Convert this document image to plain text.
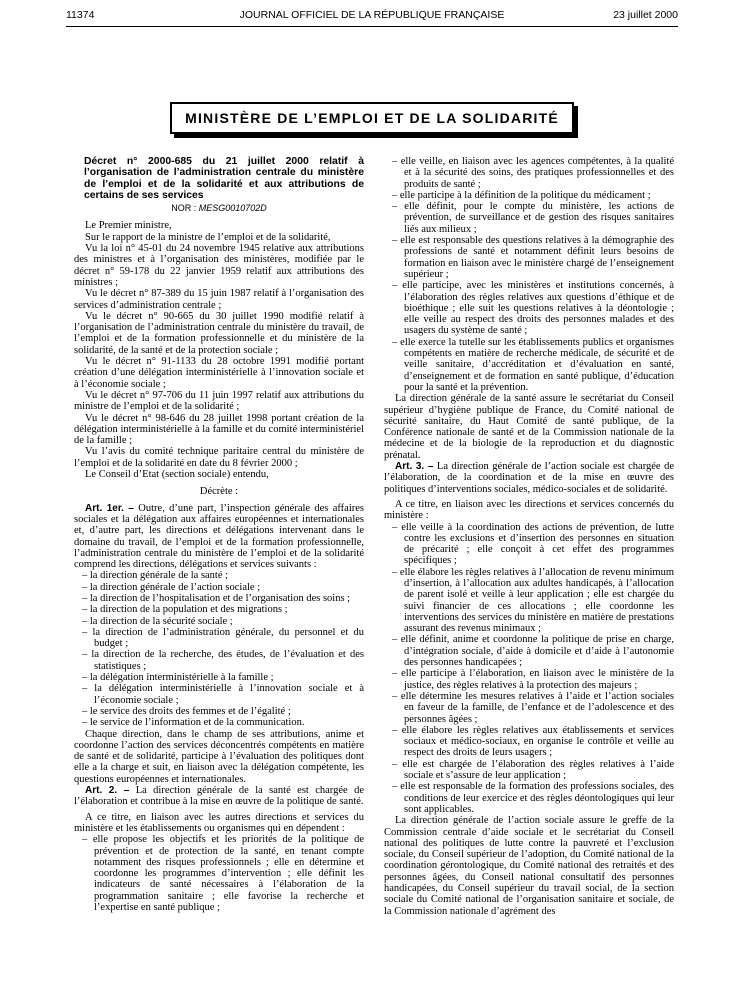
11374	JOURNAL OFFICIEL DE LA RÉPUBLIQUE FRANÇAISE	23 juillet 2000
MINISTÈRE DE L’EMPLOI ET DE LA SOLIDARITÉ

Décret n° 2000-685 du 21 juillet 2000 relatif à l’organisation de l’administration centrale du ministère de l’emploi et de la solidarité et aux attributions de certains de ses services

NOR : MESG0010702D

Le Premier ministre,

Sur le rapport de la ministre de l’emploi et de la solidarité,

Vu la loi n° 45-01 du 24 novembre 1945 relative aux attributions des ministres et à l’organisation des ministères, modifiée par le décret n° 59-178 du 22 janvier 1959 relatif aux attributions des ministres ;

Vu le décret n° 87-389 du 15 juin 1987 relatif à l’organisation des services d’administration centrale ;

Vu le décret n° 90-665 du 30 juillet 1990 modifié relatif à l’organisation de l’administration centrale du ministère du travail, de l’emploi et de la formation professionnelle et du ministère de la solidarité, de la santé et de la protection sociale ;

Vu le décret n° 91-1133 du 28 octobre 1991 modifié portant création d’une délégation interministérielle à l’innovation sociale et à l’économie sociale ;

Vu le décret n° 97-706 du 11 juin 1997 relatif aux attributions du ministre de l’emploi et de la solidarité ;

Vu le décret n° 98-646 du 28 juillet 1998 portant création de la délégation interministérielle à la famille et du comité interministériel de la famille ;

Vu l’avis du comité technique paritaire central du ministère de l’emploi et de la solidarité en date du 8 février 2000 ;

Le Conseil d’Etat (section sociale) entendu,

Décrète :

Art. 1er. – Outre, d’une part, l’inspection générale des affaires sociales et la délégation aux affaires européennes et internationales et, d’autre part, les directions et délégations intervenant dans le domaine du travail, de l’emploi et de la formation professionnelle, l’administration centrale du ministère de l’emploi et de la solidarité comprend les directions, délégations et services suivants :

– la direction générale de la santé ;
– la direction générale de l’action sociale ;
– la direction de l’hospitalisation et de l’organisation des soins ;
– la direction de la population et des migrations ;
– la direction de la sécurité sociale ;
– la direction de l’administration générale, du personnel et du budget ;
– la direction de la recherche, des études, de l’évaluation et des statistiques ;
– la délégation interministérielle à la famille ;
– la délégation interministérielle à l’innovation sociale et à l’économie sociale ;
– le service des droits des femmes et de l’égalité ;
– le service de l’information et de la communication.

Chaque direction, dans le champ de ses attributions, anime et coordonne l’action des services déconcentrés compétents en matière de santé et de solidarité, participe à l’évaluation des politiques dont elle a la charge et suit, en liaison avec la délégation compétente, les questions européennes et internationales.

Art. 2. – La direction générale de la santé est chargée de l’élaboration et contribue à la mise en œuvre de la politique de santé.

A ce titre, en liaison avec les autres directions et services du ministère et les établissements ou organismes qui en dépendent :

– elle propose les objectifs et les priorités de la politique de prévention et de protection de la santé, en tenant compte notamment des risques professionnels ; elle en détermine et coordonne les programmes d’intervention ; elle définit les indicateurs de santé nécessaires à l’élaboration de la programmation sanitaire ; elle favorise la recherche et l’expertise en santé publique ;
– elle veille, en liaison avec les agences compétentes, à la qualité et à la sécurité des soins, des pratiques professionnelles et des produits de santé ;
– elle participe à la définition de la politique du médicament ;
– elle définit, pour le compte du ministère, les actions de prévention, de surveillance et de gestion des risques sanitaires liés aux milieux ;
– elle est responsable des questions relatives à la démographie des professions de santé et notamment définit leurs besoins de formation en liaison avec le ministère chargé de l’enseignement supérieur ;
– elle participe, avec les ministères et institutions concernés, à l’élaboration des règles relatives aux questions d’éthique et de bioéthique ; elle suit les questions relatives à la déontologie ; elle veille au respect des droits des personnes malades et des usagers du système de santé ;
– elle exerce la tutelle sur les établissements publics et organismes compétents en matière de recherche médicale, de sécurité et de veille sanitaire, d’accréditation et d’évaluation en santé, d’enseignement et de formation en santé publique, d’éducation pour la santé et la prévention.

La direction générale de la santé assure le secrétariat du Conseil supérieur d’hygiène publique de France, du Comité national de sécurité sanitaire, du Haut Comité de santé publique, de la Conférence nationale de santé et de la Commission nationale de la médecine et de la biologie de la reproduction et du diagnostic prénatal.

Art. 3. – La direction générale de l’action sociale est chargée de l’élaboration, de la coordination et de la mise en œuvre des politiques d’interventions sociales, médico-sociales et de solidarité.

A ce titre, en liaison avec les directions et services concernés du ministère :

– elle veille à la coordination des actions de prévention, de lutte contre les exclusions et d’insertion des personnes en situation de précarité ; elle conçoit à cet effet des programmes spécifiques ;
– elle élabore les règles relatives à l’allocation de revenu minimum d’insertion, à l’allocation aux adultes handicapés, à l’allocation de parent isolé et veille à leur application ; elle est chargée du suivi financier de ces allocations ; elle coordonne les interventions des services du ministère en matière de prestations assurant des revenus minimaux ;
– elle définit, anime et coordonne la politique de prise en charge, d’intégration sociale, d’aide à domicile et d’aide à l’autonomie des personnes handicapées ;
– elle participe à l’élaboration, en liaison avec le ministère de la justice, des règles relatives à la protection des majeurs ;
– elle détermine les mesures relatives à l’aide et l’action sociales en faveur de la famille, de l’enfance et de l’adolescence et des personnes âgées ;
– elle élabore les règles relatives aux établissements et services sociaux et médico-sociaux, en organise le contrôle et veille au respect des droits de leurs usagers ;
– elle est chargée de l’élaboration des règles relatives à l’aide sociale et s’assure de leur application ;
– elle est responsable de la formation des professions sociales, des conditions de leur exercice et des règles déontologiques qui leur sont applicables.

La direction générale de l’action sociale assure le greffe de la Commission centrale d’aide sociale et le secrétariat du Conseil national des politiques de lutte contre la pauvreté et l’exclusion sociale, du Conseil supérieur de l’adoption, du Comité national de la coordination gérontologique, du Comité national des retraités et des personnes âgées, du Conseil national consultatif des personnes handicapées, du Conseil supérieur du travail social, de la section sociale du Comité national de l’organisation sanitaire et sociale, de la Commission nationale d’agrément des
